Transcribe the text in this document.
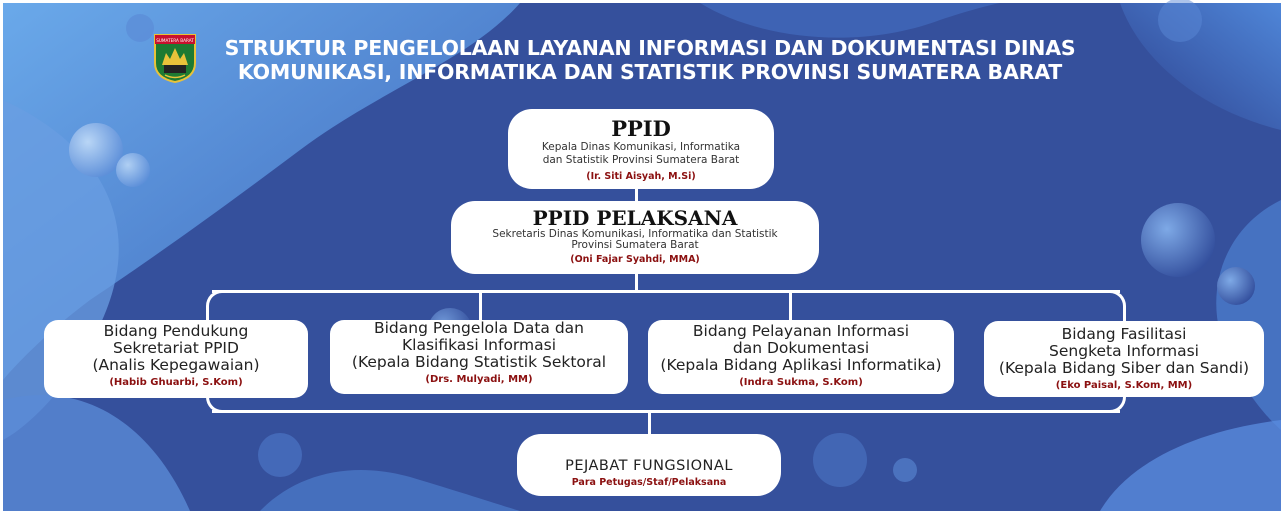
SUMATERA BARAT	STRUKTUR PENGELOLAAN LAYANAN INFORMASI DAN DOKUMENTASI DINAS
KOMUNIKASI, INFORMATIKA DAN STATISTIK PROVINSI SUMATERA BARAT
PPID
Kepala Dinas Komunikasi, Informatika
dan Statistik Provinsi Sumatera Barat
(Ir. Siti Aisyah, M.Si)
PPID PELAKSANA
Sekretaris Dinas Komunikasi, Informatika dan Statistik
Provinsi Sumatera Barat
(Oni Fajar Syahdi, MMA)
Bidang Pendukung
Sekretariat PPID
(Analis Kepegawaian)
(Habib Ghuarbi, S.Kom)
Bidang Pengelola Data dan
Klasifikasi Informasi
(Kepala Bidang Statistik Sektoral
(Drs. Mulyadi, MM)
Bidang Pelayanan Informasi
dan Dokumentasi
(Kepala Bidang Aplikasi Informatika)
(Indra Sukma, S.Kom)
Bidang Fasilitasi
Sengketa Informasi
(Kepala Bidang Siber dan Sandi)
(Eko Paisal, S.Kom, MM)
PEJABAT FUNGSIONAL
Para Petugas/Staf/Pelaksana
